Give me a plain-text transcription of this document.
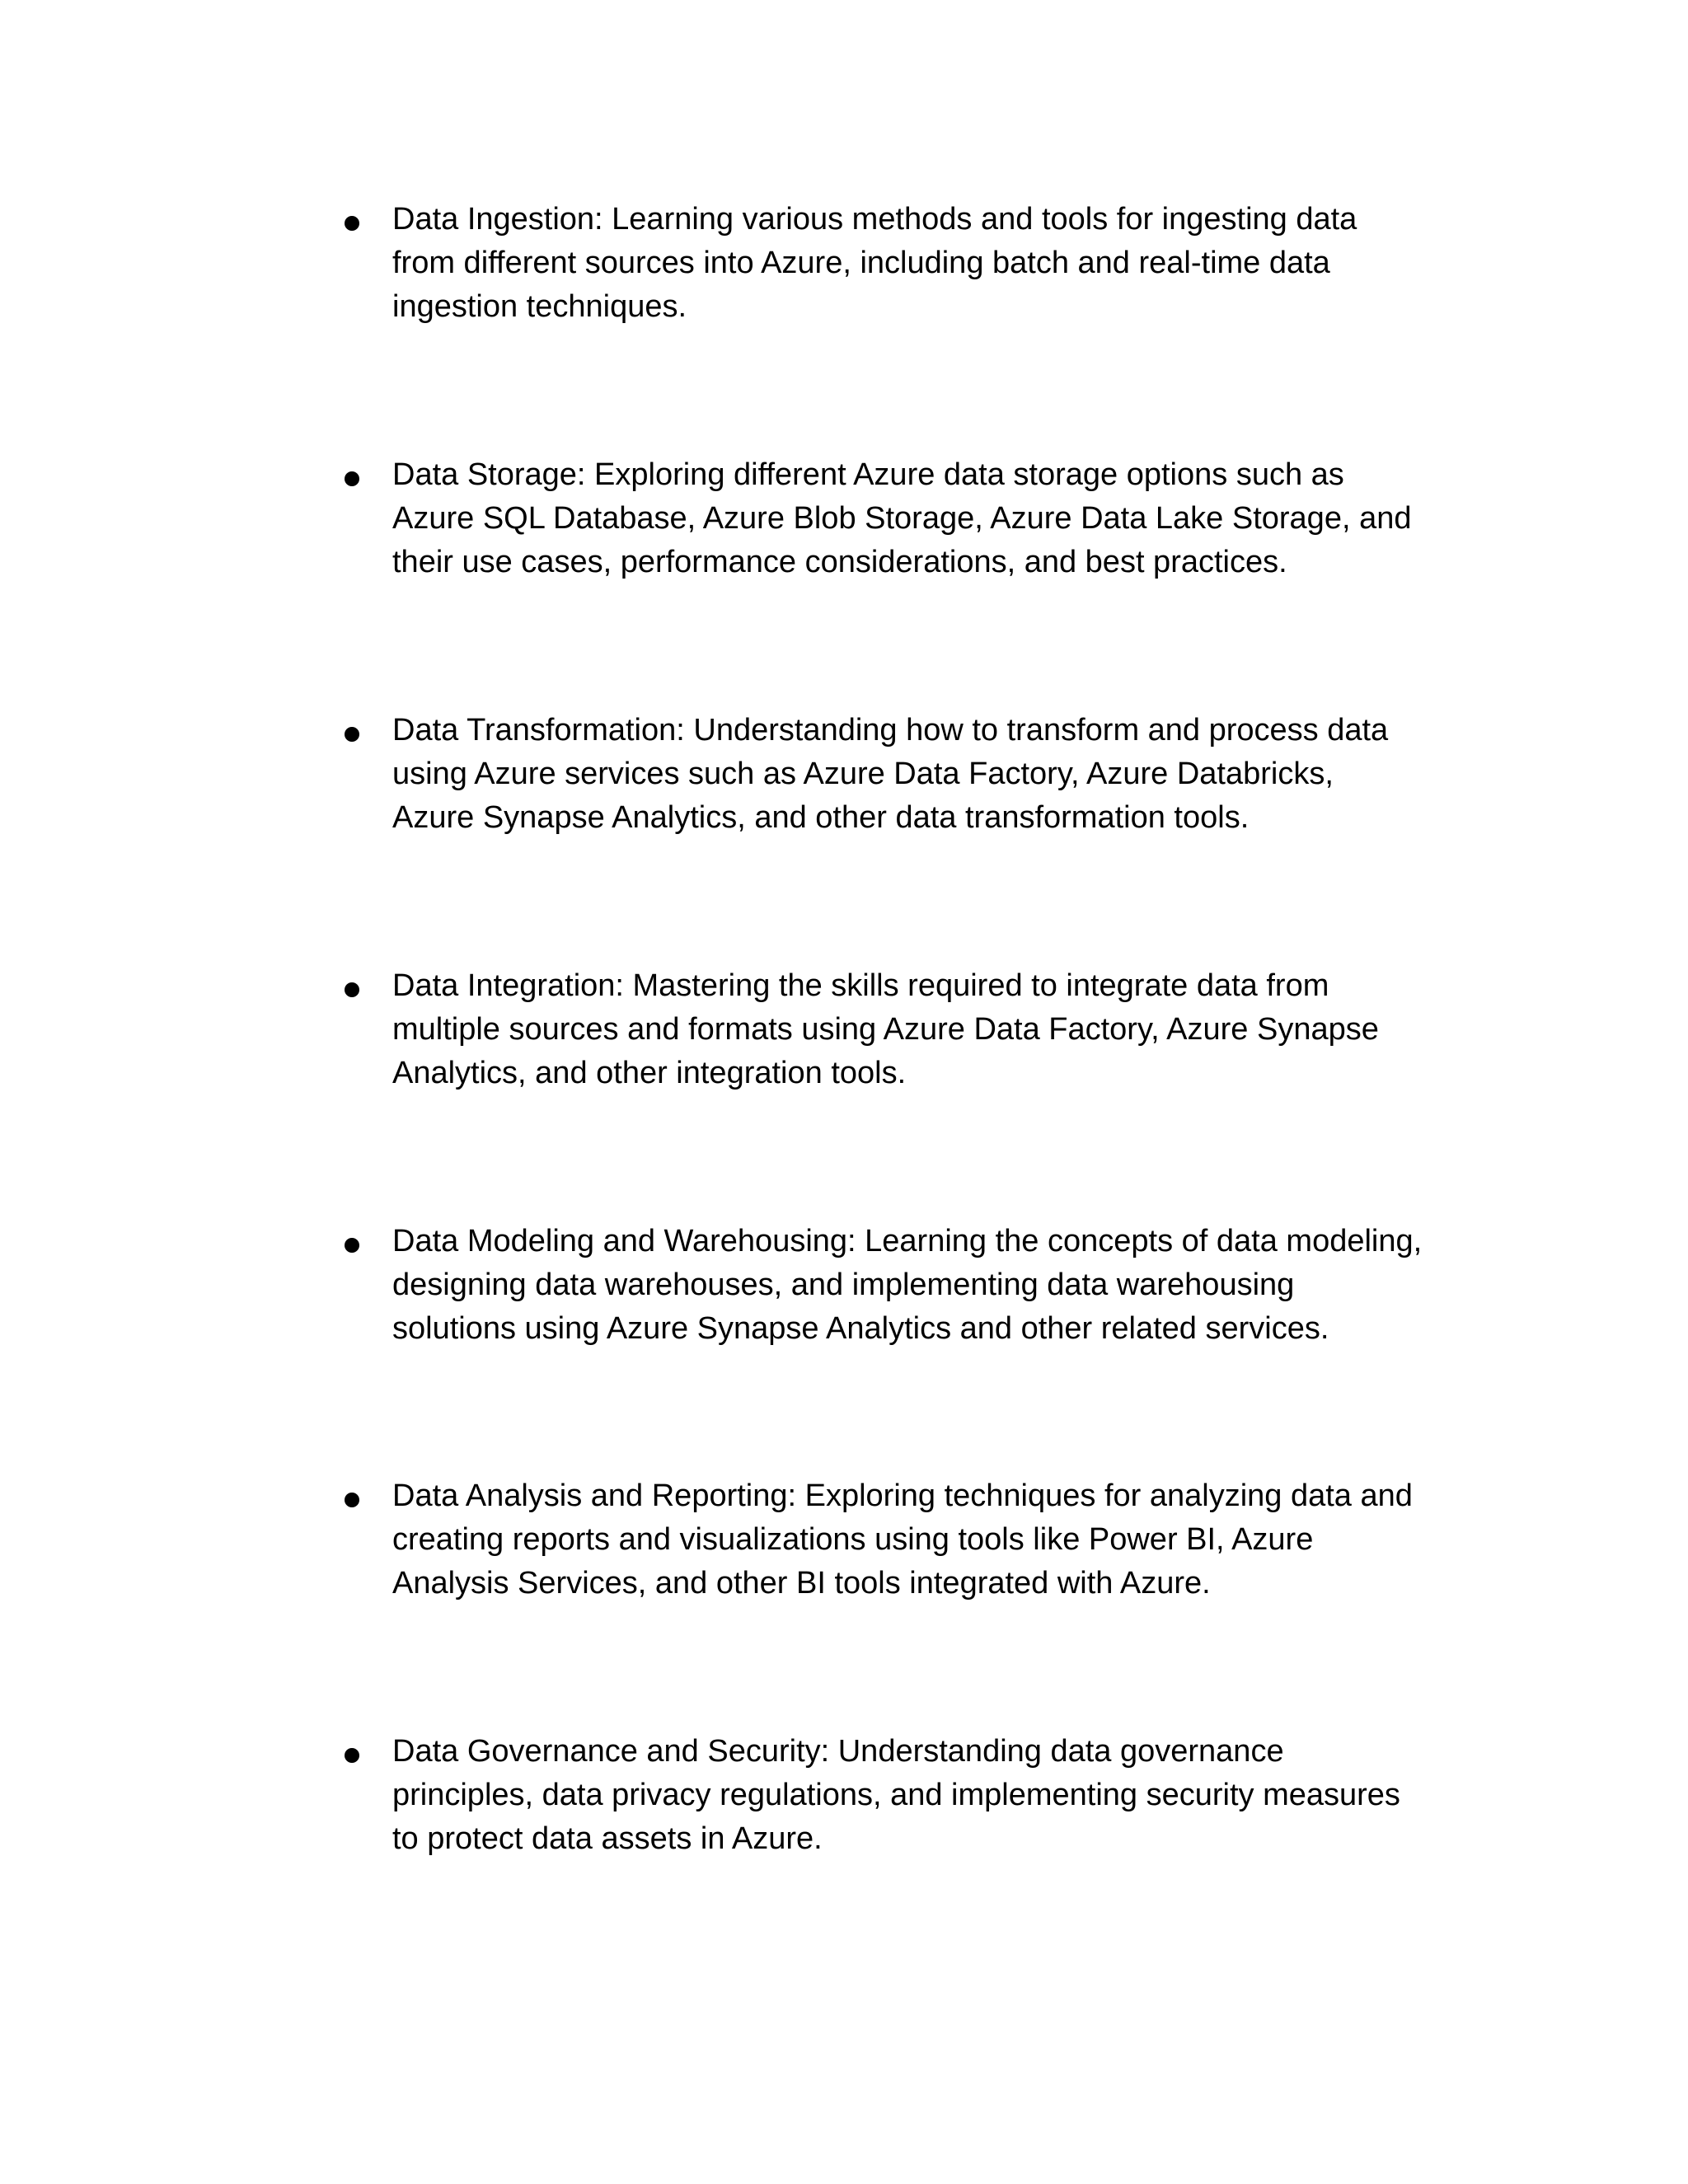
Data Ingestion: Learning various methods and tools for ingesting data
from different sources into Azure, including batch and real-time data
ingestion techniques.
Data Storage: Exploring different Azure data storage options such as
Azure SQL Database, Azure Blob Storage, Azure Data Lake Storage, and
their use cases, performance considerations, and best practices.
Data Transformation: Understanding how to transform and process data
using Azure services such as Azure Data Factory, Azure Databricks,
Azure Synapse Analytics, and other data transformation tools.
Data Integration: Mastering the skills required to integrate data from
multiple sources and formats using Azure Data Factory, Azure Synapse
Analytics, and other integration tools.
Data Modeling and Warehousing: Learning the concepts of data modeling,
designing data warehouses, and implementing data warehousing
solutions using Azure Synapse Analytics and other related services.
Data Analysis and Reporting: Exploring techniques for analyzing data and
creating reports and visualizations using tools like Power BI, Azure
Analysis Services, and other BI tools integrated with Azure.
Data Governance and Security: Understanding data governance
principles, data privacy regulations, and implementing security measures
to protect data assets in Azure.
